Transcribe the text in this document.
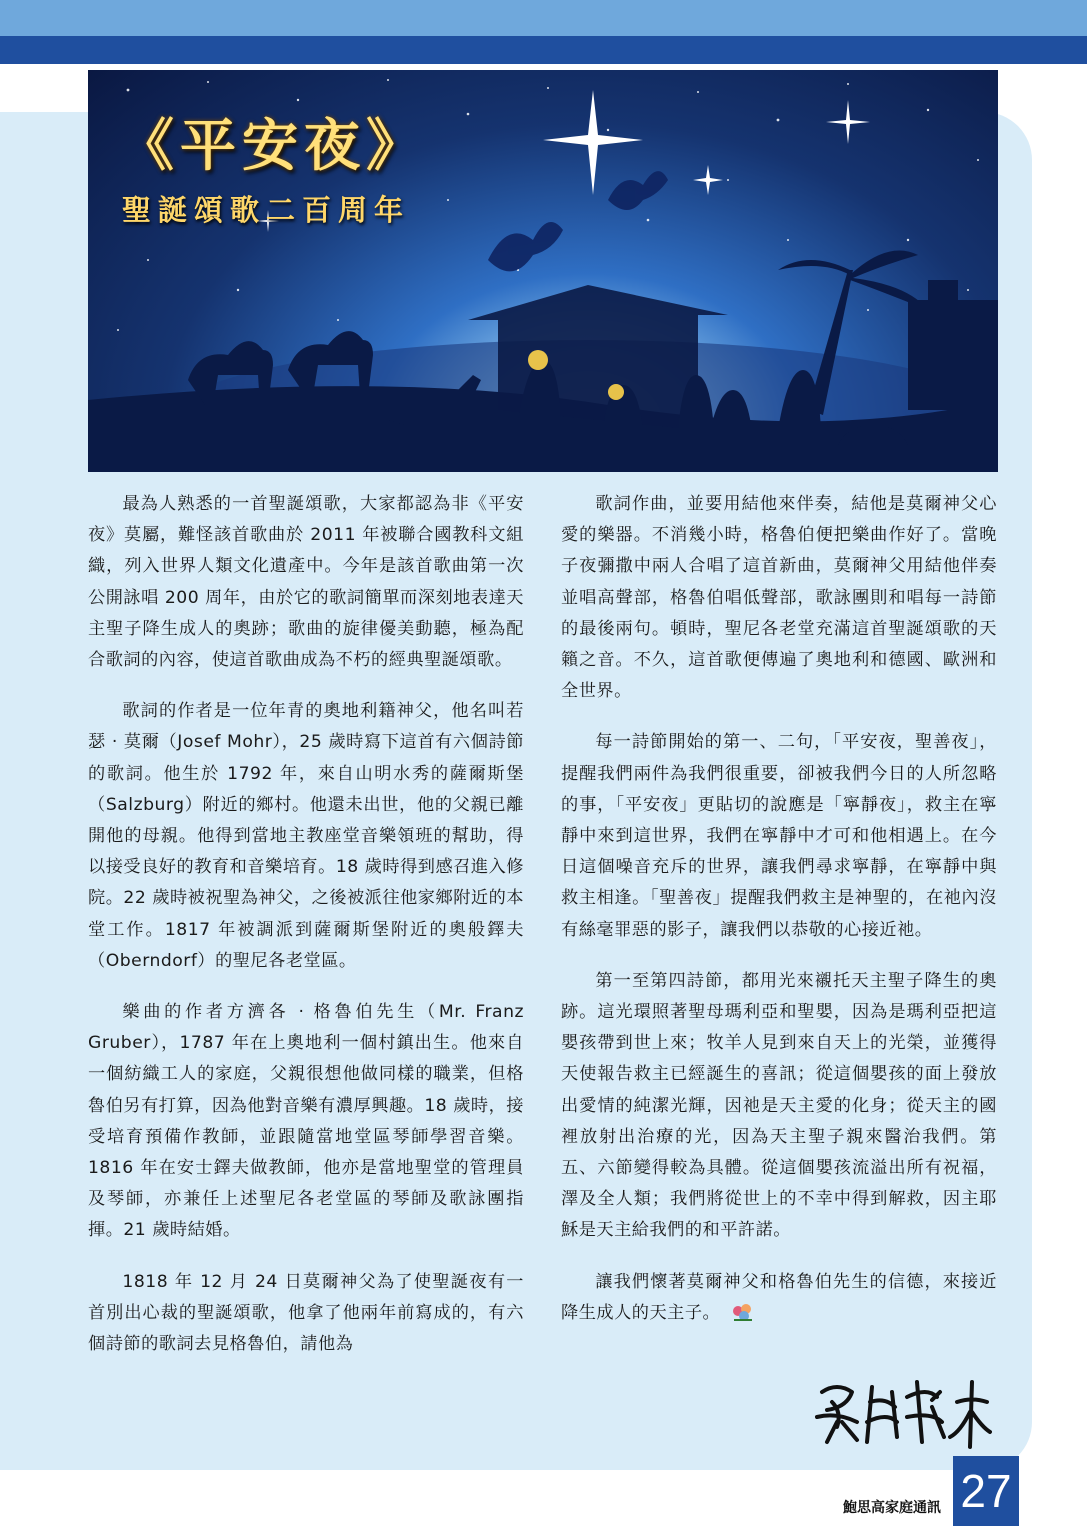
《平安夜》
聖誕頌歌二百周年

最為人熟悉的一首聖誕頌歌，大家都認為非《平安夜》莫屬，難怪該首歌曲於 2011 年被聯合國教科文組織，列入世界人類文化遺產中。今年是該首歌曲第一次公開詠唱 200 周年，由於它的歌詞簡單而深刻地表達天主聖子降生成人的奧跡；歌曲的旋律優美動聽，極為配合歌詞的內容，使這首歌曲成為不朽的經典聖誕頌歌。

歌詞的作者是一位年青的奧地利籍神父，他名叫若瑟 ‧ 莫爾（Josef Mohr），25 歲時寫下這首有六個詩節的歌詞。他生於 1792 年，來自山明水秀的薩爾斯堡（Salzburg）附近的鄉村。他還未出世，他的父親已離開他的母親。他得到當地主教座堂音樂領班的幫助，得以接受良好的教育和音樂培育。18 歲時得到感召進入修院。22 歲時被祝聖為神父，之後被派往他家鄉附近的本堂工作。1817 年被調派到薩爾斯堡附近的奧般鐸夫（Oberndorf）的聖尼各老堂區。

樂曲的作者方濟各 ‧ 格魯伯先生（Mr. Franz Gruber），1787 年在上奧地利一個村鎮出生。他來自一個紡織工人的家庭，父親很想他做同樣的職業，但格魯伯另有打算，因為他對音樂有濃厚興趣。18 歲時，接受培育預備作教師，並跟隨當地堂區琴師學習音樂。1816 年在安士鐸夫做教師，他亦是當地聖堂的管理員及琴師，亦兼任上述聖尼各老堂區的琴師及歌詠團指揮。21 歲時結婚。

1818 年 12 月 24 日莫爾神父為了使聖誕夜有一首別出心裁的聖誕頌歌，他拿了他兩年前寫成的，有六個詩節的歌詞去見格魯伯，請他為

歌詞作曲，並要用結他來伴奏，結他是莫爾神父心愛的樂器。不消幾小時，格魯伯便把樂曲作好了。當晚子夜彌撒中兩人合唱了這首新曲，莫爾神父用結他伴奏並唱高聲部，格魯伯唱低聲部，歌詠團則和唱每一詩節的最後兩句。頓時，聖尼各老堂充滿這首聖誕頌歌的天籟之音。不久，這首歌便傳遍了奧地利和德國、歐洲和全世界。

每一詩節開始的第一、二句，「平安夜，聖善夜」，提醒我們兩件為我們很重要，卻被我們今日的人所忽略的事，「平安夜」更貼切的說應是「寧靜夜」，救主在寧靜中來到這世界，我們在寧靜中才可和他相遇上。在今日這個噪音充斥的世界，讓我們尋求寧靜，在寧靜中與救主相逢。「聖善夜」提醒我們救主是神聖的，在祂內沒有絲毫罪惡的影子，讓我們以恭敬的心接近祂。

第一至第四詩節，都用光來襯托天主聖子降生的奧跡。這光環照著聖母瑪利亞和聖嬰，因為是瑪利亞把這嬰孩帶到世上來；牧羊人見到來自天上的光榮，並獲得天使報告救主已經誕生的喜訊；從這個嬰孩的面上發放出愛情的純潔光輝，因祂是天主愛的化身；從天主的國裡放射出治療的光，因為天主聖子親來醫治我們。第五、六節變得較為具體。從這個嬰孩流溢出所有祝福，澤及全人類；我們將從世上的不幸中得到解救，因主耶穌是天主給我們的和平許諾。

讓我們懷著莫爾神父和格魯伯先生的信德，來接近降生成人的天主子。

鮑思高家庭通訊 27
